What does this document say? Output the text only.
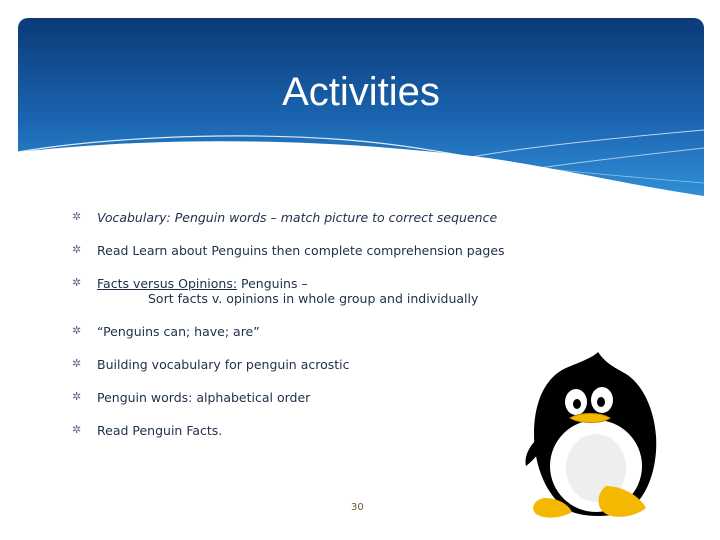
Activities
✲ Vocabulary: Penguin words – match picture to correct sequence
✲ Read Learn about Penguins then complete comprehension pages
✲ Facts versus Opinions: Penguins –
Sort facts v. opinions in whole group and individually
✲ “Penguins can; have; are”
✲ Building vocabulary for penguin acrostic
✲ Penguin words: alphabetical order
✲ Read Penguin Facts.
30
